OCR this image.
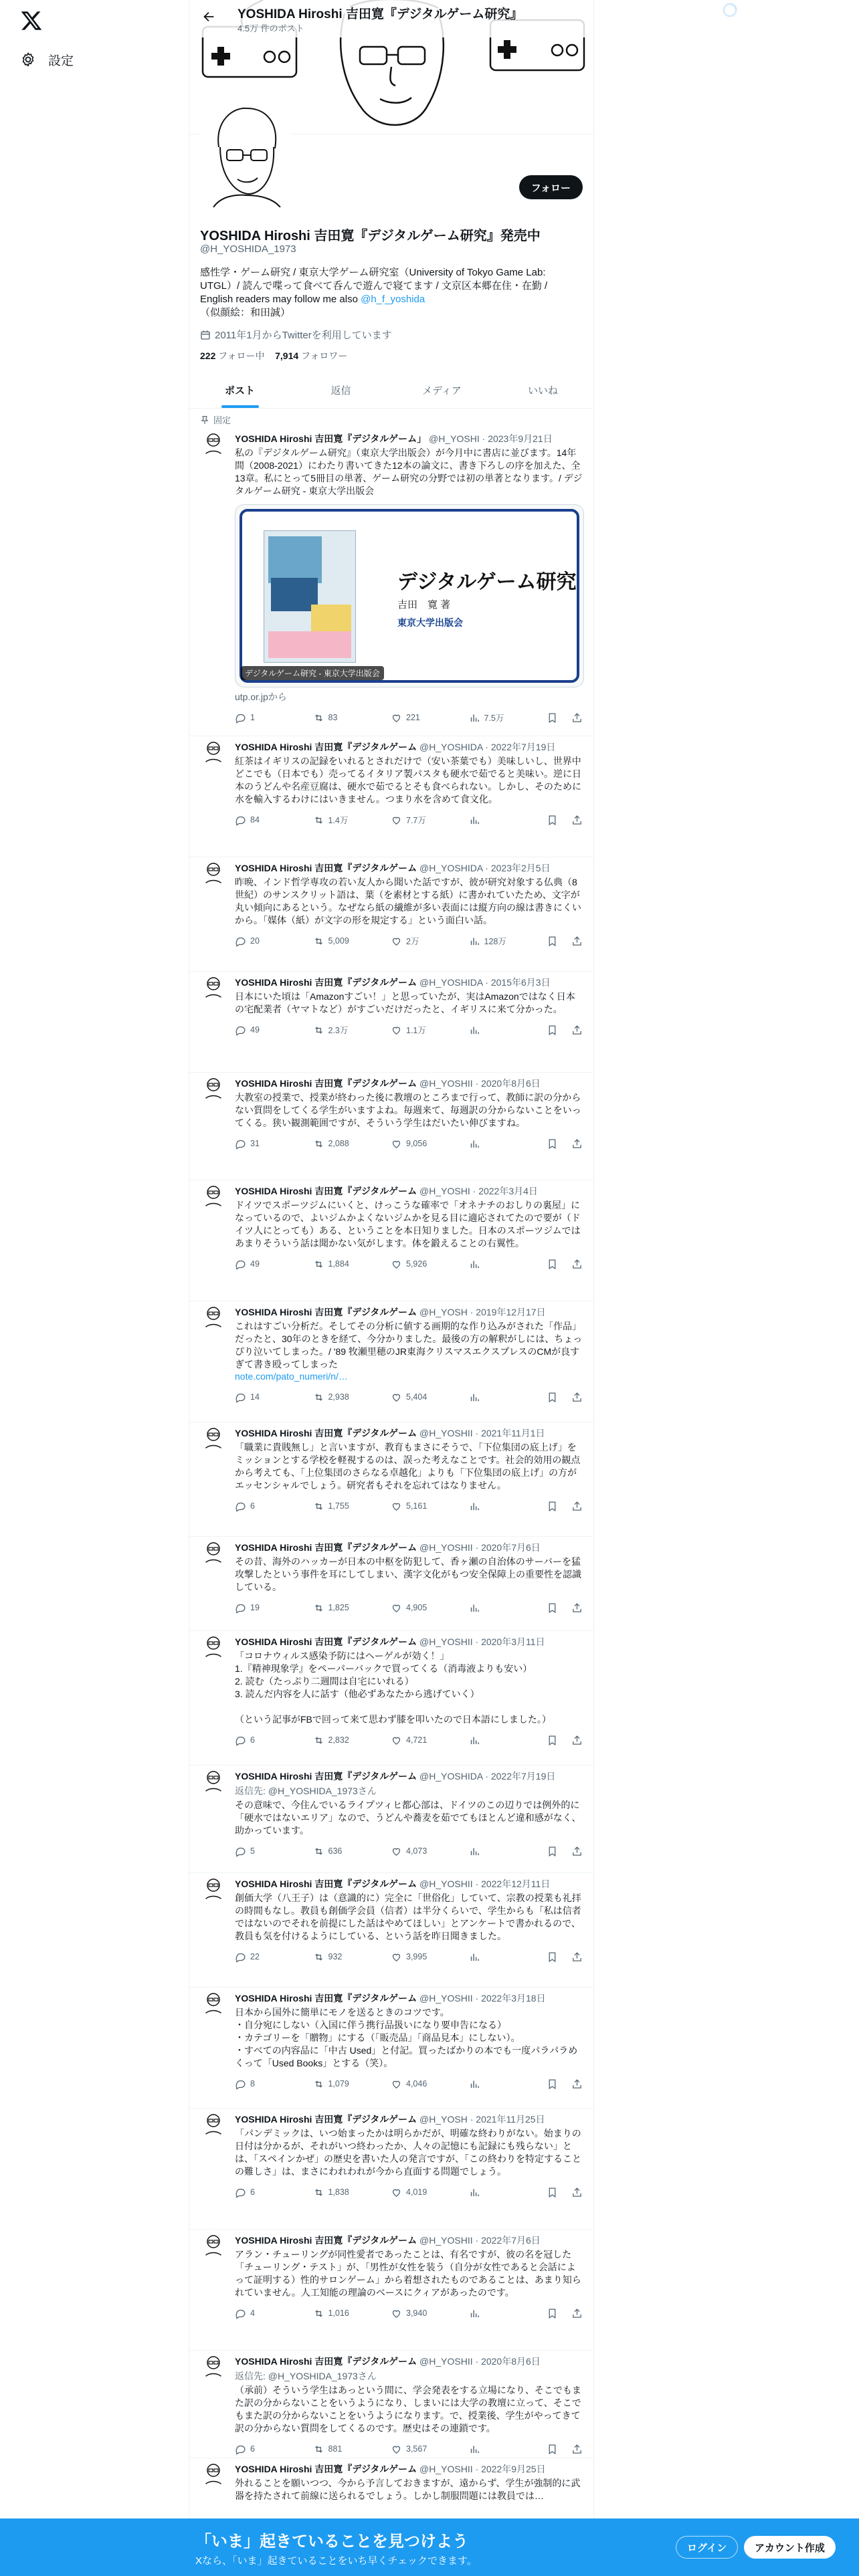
設定
YOSHIDA Hiroshi 吉田寛『デジタルゲーム研究』
4.5万 件のポスト
フォロー
YOSHIDA Hiroshi 吉田寛『デジタルゲーム研究』発売中
@H_YOSHIDA_1973
感性学・ゲーム研究 / 東京大学ゲーム研究室（University of Tokyo Game Lab: UTGL）/ 読んで喋って食べて呑んで遊んで寝てます / 文京区本郷在住・在勤 / English readers may follow me also @h_f_yoshida
（似顔絵：和田誠）
2011年1月からTwitterを利用しています
222 フォロー中 7,914 フォロワー
ポスト	返信	メディア	いいね
固定
YOSHIDA Hiroshi 吉田寛『デジタルゲーム」 @H_YOSHI · 2023年9月21日
私の『デジタルゲーム研究』（東京大学出版会）が今月中に書店に並びます。14年間（2008-2021）にわたり書いてきた12本の論文に、書き下ろしの序を加えた、全13章。私にとって5冊目の単著、ゲーム研究の分野では初の単著となります。/ デジタルゲーム研究 - 東京大学出版会
デジタルゲーム研究
吉田　寛 著
東京大学出版会
デジタルゲーム研究 - 東京大学出版会
utp.or.jpから
1	83	221	7.5万
YOSHIDA Hiroshi 吉田寛『デジタルゲーム @H_YOSHIDA · 2022年7月19日
紅茶はイギリスの記録をいれるとされだけで（安い茶葉でも）美味しいし、世界中どこでも（日本でも）売ってるイタリア製パスタも硬水で茹でると美味い。逆に日本のうどんや名産豆腐は、硬水で茹でるとそも食べられない。しかし、そのために水を輸入するわけにはいきません。つまり水を含めて食文化。
84	1.4万	7.7万
YOSHIDA Hiroshi 吉田寛『デジタルゲーム @H_YOSHIDA · 2023年2月5日
昨晩、インド哲学専攻の若い友人から聞いた話ですが、彼が研究対象する仏典（8世紀）のサンスクリット語は、葉（を素材とする紙）に書かれていたため、文字が丸い傾向にあるという。なぜなら紙の繊維が多い表面には縦方向の線は書きにくいから。「媒体（紙）が文字の形を規定する」という面白い話。
20	5,009	2万	128万
YOSHIDA Hiroshi 吉田寛『デジタルゲーム @H_YOSHIDA · 2015年6月3日
日本にいた頃は「Amazonすごい！」と思っていたが、実はAmazonではなく日本の宅配業者（ヤマトなど）がすごいだけだったと、イギリスに来て分かった。
49	2.3万	1.1万
YOSHIDA Hiroshi 吉田寛『デジタルゲーム @H_YOSHII · 2020年8月6日
大教室の授業で、授業が終わった後に教壇のところまで行って、教師に訳の分からない質問をしてくる学生がいますよね。毎週来て、毎週訳の分からないことをいってくる。狭い観測範囲ですが、そういう学生はだいたい伸びますね。
31	2,088	9,056
YOSHIDA Hiroshi 吉田寛『デジタルゲーム @H_YOSHI · 2022年3月4日
ドイツでスポーツジムにいくと、けっこうな確率で「オネナチのおしりの裏屋」になっているので、よいジムかよくないジムかを見る目に適応されてたので要が（ドイツ人にとっても）ある、ということを本日知りました。日本のスポーツジムではあまりそういう話は聞かない気がします。体を鍛えることの右翼性。
49	1,884	5,926
YOSHIDA Hiroshi 吉田寛『デジタルゲーム @H_YOSH · 2019年12月17日
これはすごい分析だ。そしてその分析に値する画期的な作り込みがされた「作品」だったと、30年のときを経て、今分かりました。最後の方の解釈がしには、ちょっぴり泣いてしまった。/ '89 牧瀬里穂のJR東海クリスマスエクスプレスのCMが良すぎて書き殴ってしまった
note.com/pato_numeri/n/…
14	2,938	5,404
YOSHIDA Hiroshi 吉田寛『デジタルゲーム @H_YOSHII · 2021年11月1日
「職業に貴賎無し」と言いますが、教育もまさにそうで、「下位集団の底上げ」をミッションとする学校を軽視するのは、誤った考えなことです。社会的効用の観点から考えても、「上位集団のさらなる卓越化」よりも「下位集団の底上げ」の方がエッセンシャルでしょう。研究者もそれを忘れてはなりません。
6	1,755	5,161
YOSHIDA Hiroshi 吉田寛『デジタルゲーム @H_YOSHII · 2020年7月6日
その昔、海外のハッカーが日本の中枢を防犯して、香ヶ瀬の自治体のサーバーを猛攻撃したという事件を耳にしてしまい、漢字文化がもつ安全保障上の重要性を認識している。
19	1,825	4,905
YOSHIDA Hiroshi 吉田寛『デジタルゲーム @H_YOSHII · 2020年3月11日
「コロナウィルス感染予防にはヘーゲルが効く！」
1.『精神現象学』をペーパーバックで買ってくる（消毒液よりも安い）
2. 読む（たっぷり二週間は自宅にいれる）
3. 読んだ内容を人に話す（他必ずあなたから逃げていく）

（という記事がFBで回って来て思わず膝を叩いたので日本語にしました。）
6	2,832	4,721
YOSHIDA Hiroshi 吉田寛『デジタルゲーム @H_YOSHIDA · 2022年7月19日
返信先: @H_YOSHIDA_1973さん
その意味で、今住んでいるライプツィヒ都心部は、ドイツのこの辺りでは例外的に「硬水ではないエリア」なので、うどんや蕎麦を茹でてもほとんど違和感がなく、助かっています。
5	636	4,073
YOSHIDA Hiroshi 吉田寛『デジタルゲーム @H_YOSHII · 2022年12月11日
創価大学（八王子）は（意識的に）完全に「世俗化」していて、宗教の授業も礼拝の時間もなし。教員も創価学会員（信者）は半分くらいで、学生からも「私は信者ではないのでそれを前提にした話はやめてほしい」とアンケートで書かれるので、教員も気を付けるようにしている、という話を昨日聞きました。
22	932	3,995
YOSHIDA Hiroshi 吉田寛『デジタルゲーム @H_YOSHII · 2022年3月18日
日本から国外に簡単にモノを送るときのコツです。
・自分宛にしない（入国に伴う携行品扱いになり要申告になる）
・カテゴリーを「贈物」にする（「販売品」「商品見本」にしない）。
・すべての内容品に「中古 Used」と付記。買ったばかりの本でも一度パラパラめくって「Used Books」とする（笑）。
8	1,079	4,046
YOSHIDA Hiroshi 吉田寛『デジタルゲーム @H_YOSH · 2021年11月25日
「パンデミックは、いつ始まったかは明らかだが、明確な終わりがない。始まりの日付は分かるが、それがいつ終わったか、人々の記憶にも記録にも残らない」とは、「スペインかぜ」の歴史を書いた人の発言ですが、「この終わりを特定することの難しさ」は、まさにわれわれが今から直面する問題でしょう。
6	1,838	4,019
YOSHIDA Hiroshi 吉田寛『デジタルゲーム @H_YOSHII · 2022年7月6日
アラン・チューリングが同性愛者であったことは、有名ですが、彼の名を冠した「チューリング・テスト」が、「男性が女性を装う（自分が女性であると会話によって証明する）性的サロンゲーム」から着想されたものであることは、あまり知られていません。人工知能の理論のベースにクィアがあったのです。
4	1,016	3,940
YOSHIDA Hiroshi 吉田寛『デジタルゲーム @H_YOSHII · 2020年8月6日
返信先: @H_YOSHIDA_1973さん
（承前）そういう学生はあっという間に、学会発表をする立場になり、そこでもまた訳の分からないことをいうようになり、しまいには大学の教壇に立って、そこでもまた訳の分からないことをいうようになります。で、授業後、学生がやってきて訳の分からない質問をしてくるのです。歴史はその連鎖です。
6	881	3,567
YOSHIDA Hiroshi 吉田寛『デジタルゲーム @H_YOSHII · 2022年9月25日
外れることを願いつつ、今から予言しておきますが、遠からず、学生が強制的に武器を持たされて前線に送られるでしょう。しかし制服問題には教員では…
「いま」起きていることを見つけよう
Xなら、「いま」起きていることをいち早くチェックできます。
ログイン	アカウント作成
